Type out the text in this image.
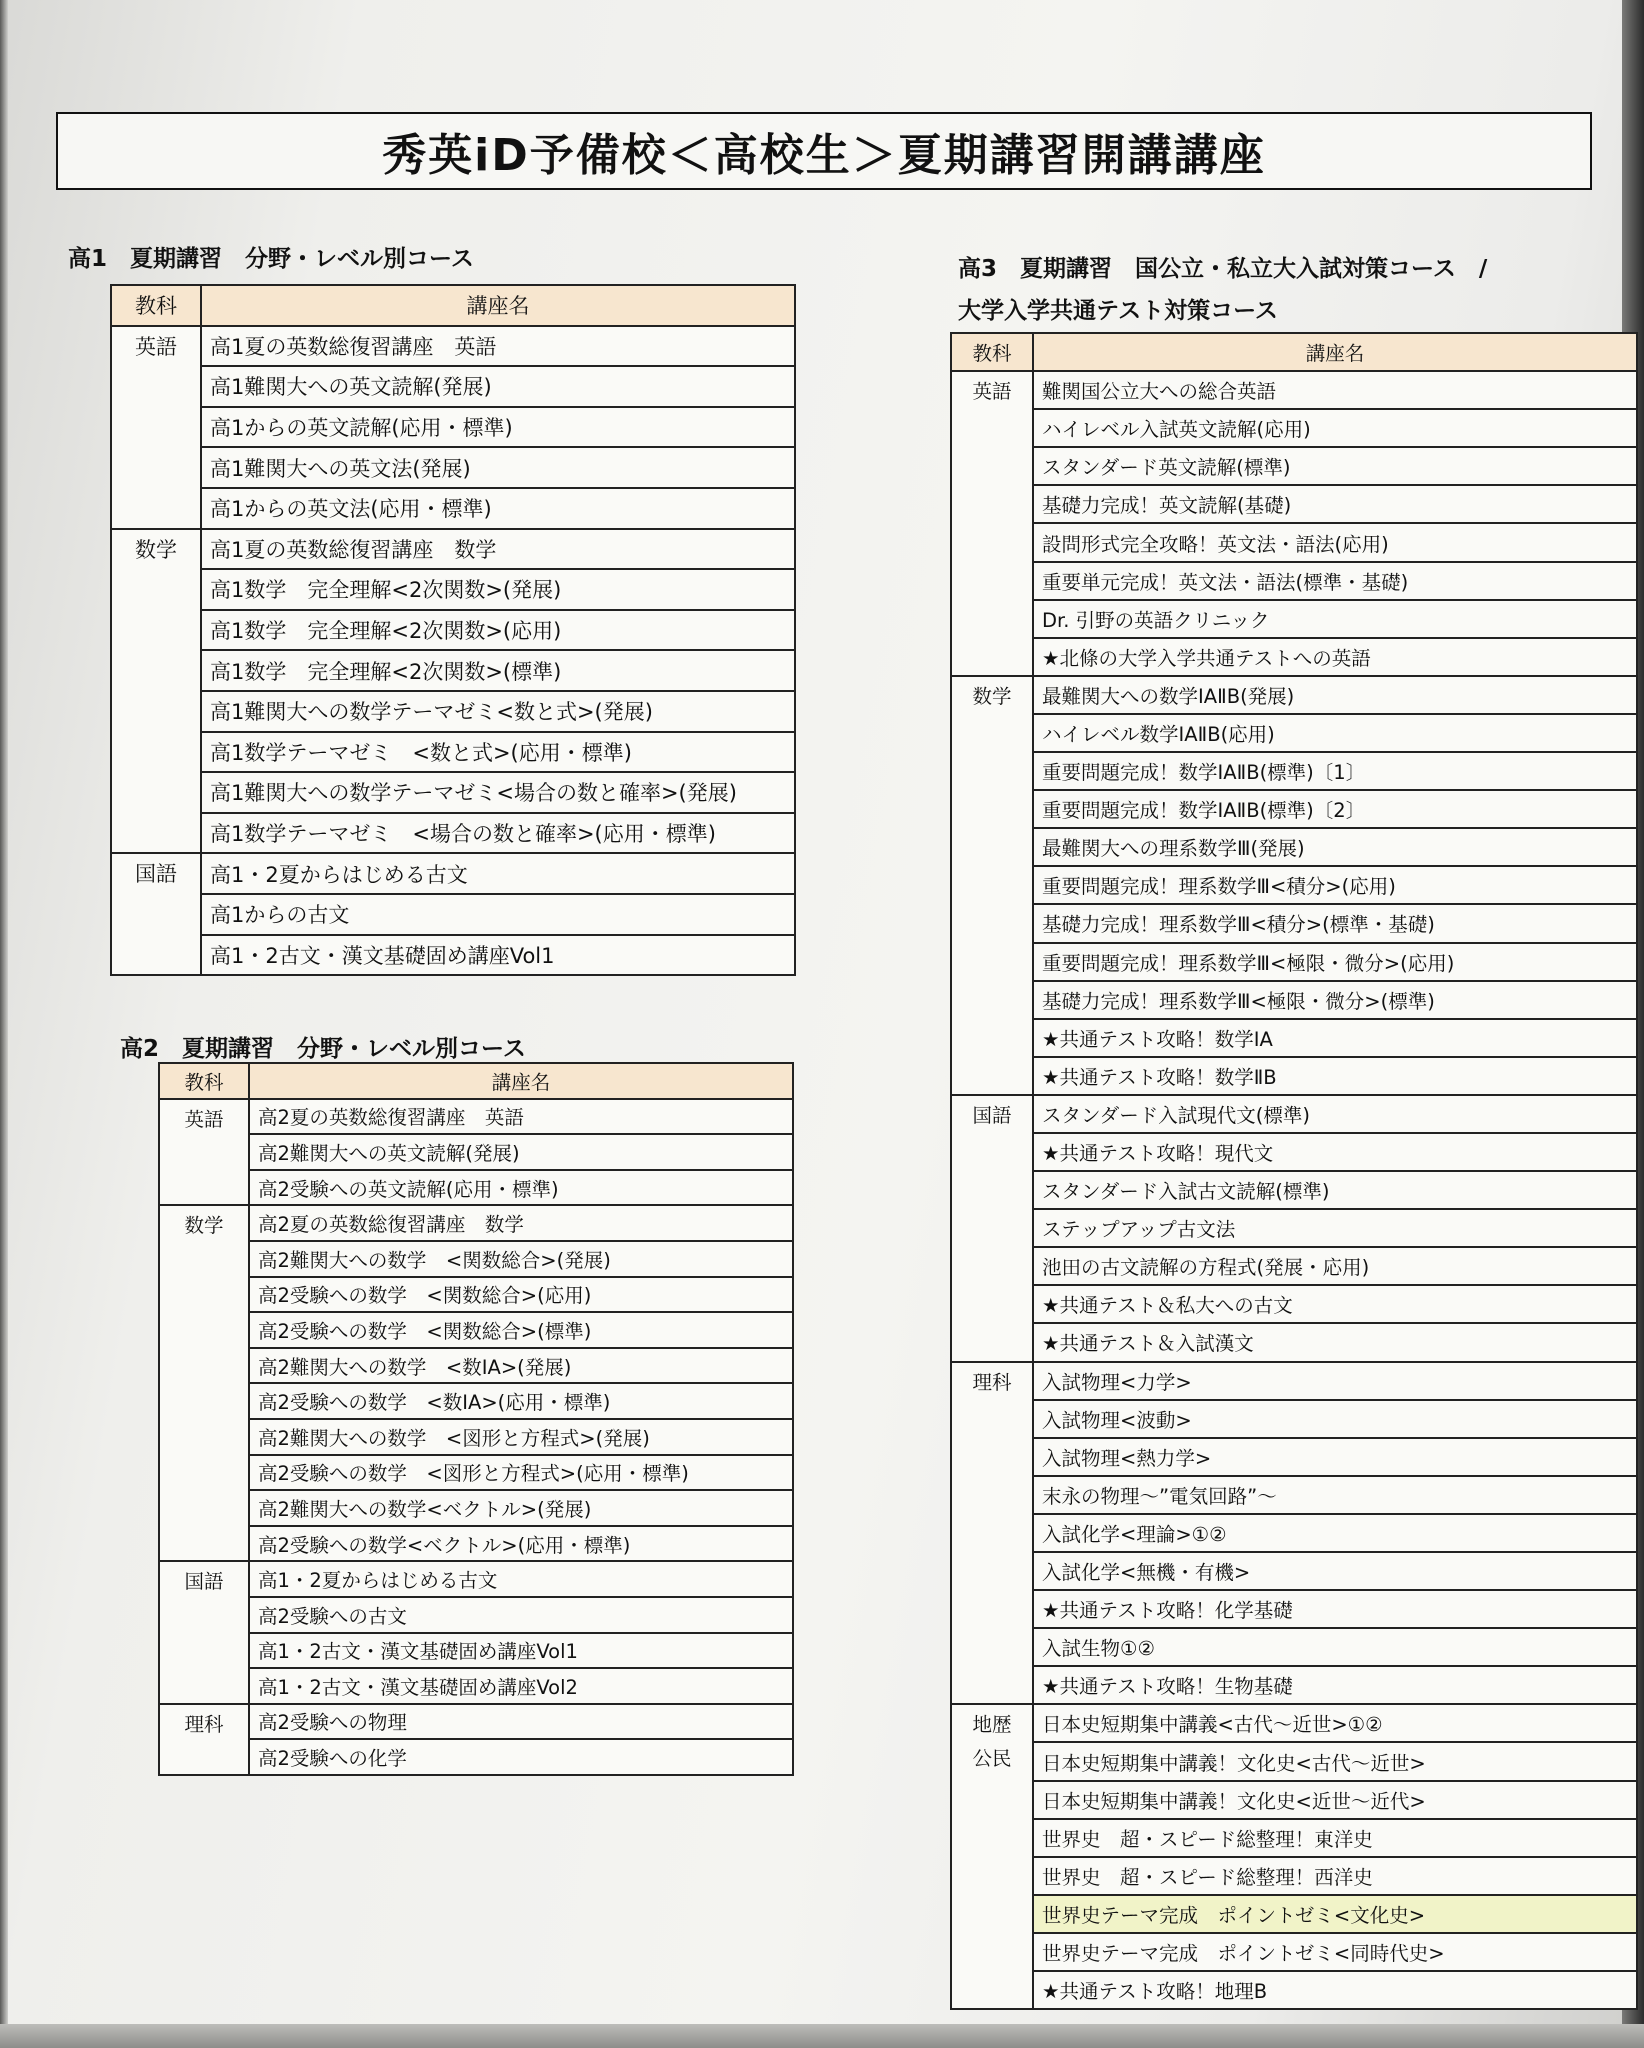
秀英iD予備校＜高校生＞夏期講習開講講座
高1　夏期講習　分野・レベル別コース
教科	講座名

英語	高1夏の英数総復習講座　英語
	高1難関大への英文読解(発展)
	高1からの英文読解(応用・標準)
	高1難関大への英文法(発展)
	高1からの英文法(応用・標準)

数学	高1夏の英数総復習講座　数学
	高1数学　完全理解<2次関数>(発展)
	高1数学　完全理解<2次関数>(応用)
	高1数学　完全理解<2次関数>(標準)
	高1難関大への数学テーマゼミ<数と式>(発展)
	高1数学テーマゼミ　<数と式>(応用・標準)
	高1難関大への数学テーマゼミ<場合の数と確率>(発展)
	高1数学テーマゼミ　<場合の数と確率>(応用・標準)

国語	高1・2夏からはじめる古文
	高1からの古文
	高1・2古文・漢文基礎固め講座Vol1
高2　夏期講習　分野・レベル別コース
教科	講座名

英語	高2夏の英数総復習講座　英語
	高2難関大への英文読解(発展)
	高2受験への英文読解(応用・標準)

数学	高2夏の英数総復習講座　数学
	高2難関大への数学　<関数総合>(発展)
	高2受験への数学　<関数総合>(応用)
	高2受験への数学　<関数総合>(標準)
	高2難関大への数学　<数ⅠA>(発展)
	高2受験への数学　<数ⅠA>(応用・標準)
	高2難関大への数学　<図形と方程式>(発展)
	高2受験への数学　<図形と方程式>(応用・標準)
	高2難関大への数学<ベクトル>(発展)
	高2受験への数学<ベクトル>(応用・標準)

国語	高1・2夏からはじめる古文
	高2受験への古文
	高1・2古文・漢文基礎固め講座Vol1
	高1・2古文・漢文基礎固め講座Vol2

理科	高2受験への物理
	高2受験への化学
高3　夏期講習　国公立・私立大入試対策コース　/
大学入学共通テスト対策コース
教科	講座名

英語	難関国公立大への総合英語
	ハイレベル入試英文読解(応用)
	スタンダード英文読解(標準)
	基礎力完成！英文読解(基礎)
	設問形式完全攻略！英文法・語法(応用)
	重要単元完成！英文法・語法(標準・基礎)
	Dr. 引野の英語クリニック
	★北條の大学入学共通テストへの英語

数学	最難関大への数学ⅠAⅡB(発展)
	ハイレベル数学ⅠAⅡB(応用)
	重要問題完成！数学ⅠAⅡB(標準)〔1〕
	重要問題完成！数学ⅠAⅡB(標準)〔2〕
	最難関大への理系数学Ⅲ(発展)
	重要問題完成！理系数学Ⅲ<積分>(応用)
	基礎力完成！理系数学Ⅲ<積分>(標準・基礎)
	重要問題完成！理系数学Ⅲ<極限・微分>(応用)
	基礎力完成！理系数学Ⅲ<極限・微分>(標準)
	★共通テスト攻略！数学ⅠA
	★共通テスト攻略！数学ⅡB

国語	スタンダード入試現代文(標準)
	★共通テスト攻略！現代文
	スタンダード入試古文読解(標準)
	ステップアップ古文法
	池田の古文読解の方程式(発展・応用)
	★共通テスト＆私大への古文
	★共通テスト＆入試漢文

理科	入試物理<力学>
	入試物理<波動>
	入試物理<熱力学>
	末永の物理～”電気回路”～
	入試化学<理論>①②
	入試化学<無機・有機>
	★共通テスト攻略！化学基礎
	入試生物①②
	★共通テスト攻略！生物基礎

地歴
公民	日本史短期集中講義<古代～近世>①②
	日本史短期集中講義！文化史<古代～近世>
	日本史短期集中講義！文化史<近世～近代>
	世界史　超・スピード総整理！東洋史
	世界史　超・スピード総整理！西洋史
	世界史テーマ完成　ポイントゼミ<文化史>
	世界史テーマ完成　ポイントゼミ<同時代史>
	★共通テスト攻略！地理B
